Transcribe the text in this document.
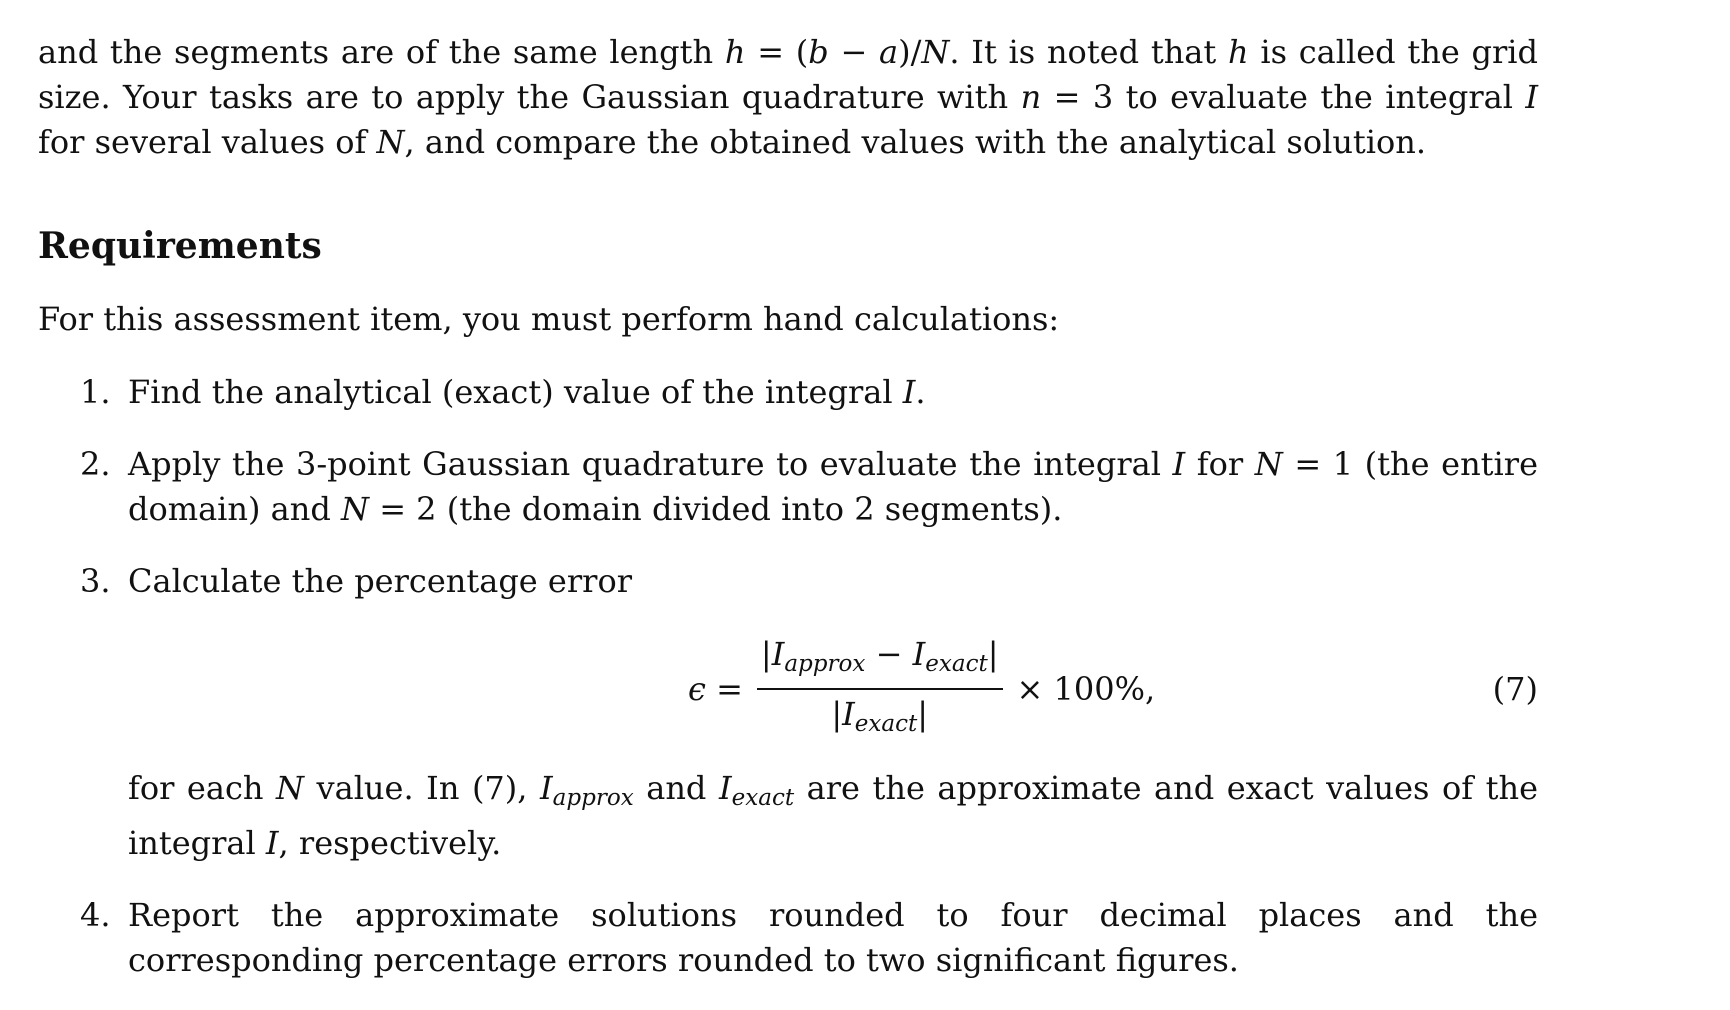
and the segments are of the same length h = (b − a)/N. It is noted that h is called the grid size. Your tasks are to apply the Gaussian quadrature with n = 3 to evaluate the integral I for several values of N, and compare the obtained values with the analytical solution.

Requirements

For this assessment item, you must perform hand calculations:

1. Find the analytical (exact) value of the integral I.
2. Apply the 3-point Gaussian quadrature to evaluate the integral I for N = 1 (the entire domain) and N = 2 (the domain divided into 2 segments).
3. Calculate the percentage error
$\epsilon = \frac{|I_{approx} - I_{exact}|}{|I_{exact}|} \times 100\%$,	(7)

for each N value. In (7), $I_{approx}$ and $I_{exact}$ are the approximate and exact values of the integral I, respectively.

4. Report the approximate solutions rounded to four decimal places and the corresponding percentage errors rounded to two significant figures.
